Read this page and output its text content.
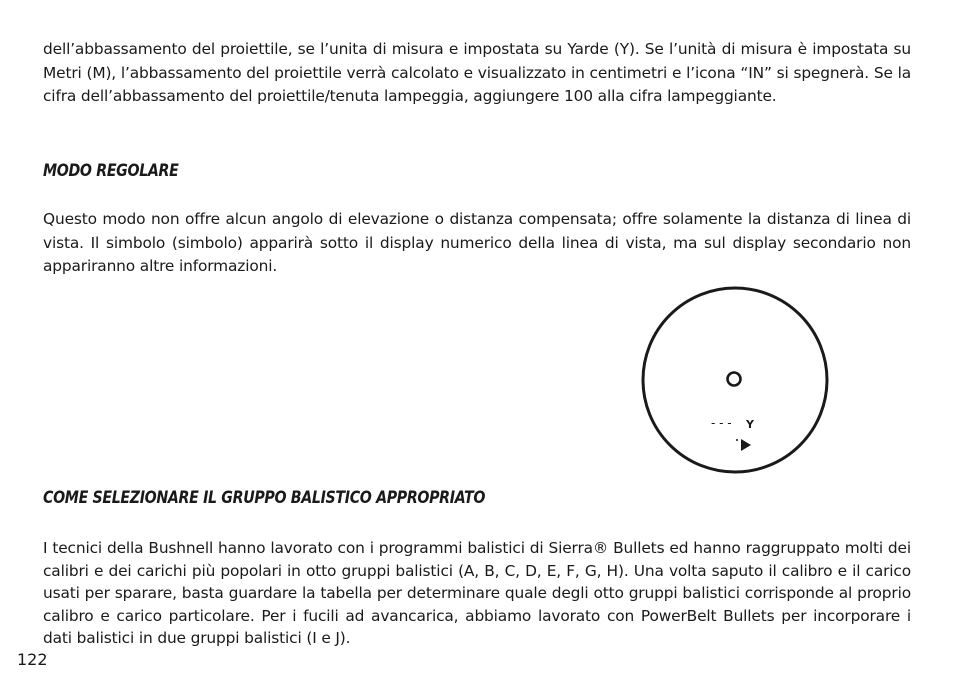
dell’abbassamento del proiettile, se l’unita di misura e impostata su Yarde (Y). Se l’unità di misura è impostata su Metri (M), l’abbassamento del proiettile verrà calcolato e visualizzato in centimetri e l’icona “IN” si spegnerà. Se la cifra dell’abbassamento del proiettile/tenuta lampeggia, aggiungere 100 alla cifra lampeggiante.

MODO REGOLARE

Questo modo non offre alcun angolo di elevazione o distanza compensata; offre solamente la distanza di linea di vista. Il simbolo (simbolo) apparirà sotto il display numerico della linea di vista, ma sul display secondario non appariranno altre informazioni.

- - - Y
COME SELEZIONARE IL GRUPPO BALISTICO APPROPRIATO

I tecnici della Bushnell hanno lavorato con i programmi balistici di Sierra® Bullets ed hanno raggruppato molti dei calibri e dei carichi più popolari in otto gruppi balistici (A, B, C, D, E, F, G, H). Una volta saputo il calibro e il carico usati per sparare, basta guardare la tabella per determinare quale degli otto gruppi balistici corrisponde al proprio calibro e carico particolare. Per i fucili ad avancarica, abbiamo lavorato con PowerBelt Bullets per incorporare i dati balistici in due gruppi balistici (I e J).

122
